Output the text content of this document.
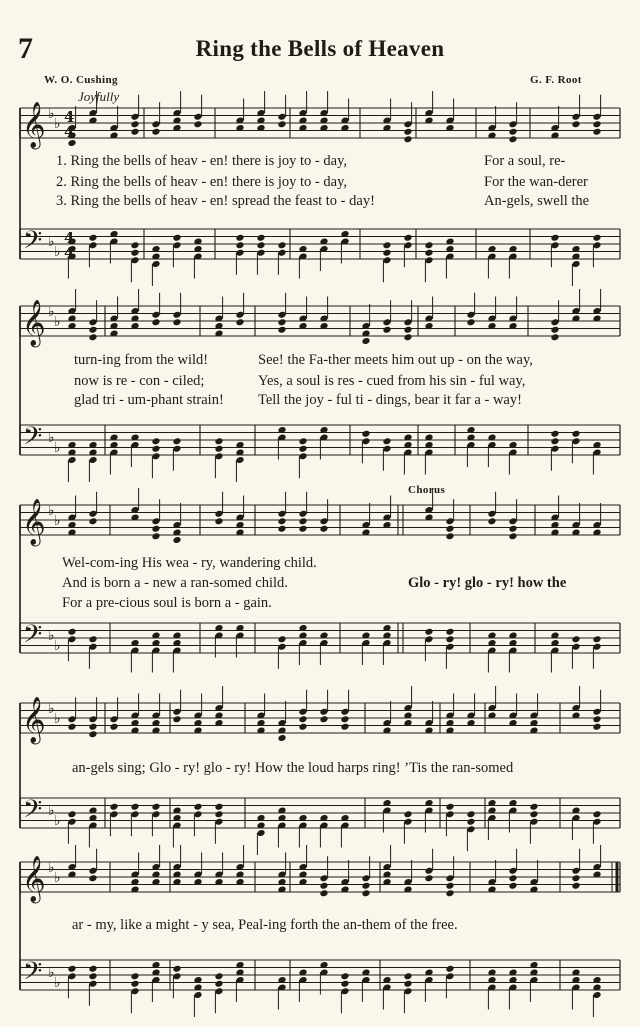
7	Ring the Bells of Heaven
W. O. Cushing	G. F. Root
Joyfully
Chorus
𝄞 ♭
♭
𝄢 ♭
♭
4
4
4
4
𝄞 ♭
♭
𝄢 ♭
♭
𝄞 ♭
♭
𝄢 ♭
♭
𝄞 ♭
♭
𝄢 ♭
♭
𝄞 ♭
♭
𝄢 ♭
♭
1. Ring the bells of heav - en! there is joy to - day,	For a soul, re-
2. Ring the bells of heav - en! there is joy to - day,	For the wan-derer
3. Ring the bells of heav - en! spread the feast to - day!	An-gels, swell the
turn-ing from the wild!	See! the Fa-ther meets him out up - on the way,
now is re - con - ciled;	Yes, a soul is res - cued from his sin - ful way,
glad tri - um-phant strain! Tell the joy - ful ti - dings, bear it far a - way!
Wel-com-ing His wea - ry, wandering child.
And is born a - new a ran-somed child.	Glo - ry! glo - ry! how the
For a pre-cious soul is born a - gain.
an-gels sing; Glo - ry! glo - ry! How the loud harps ring! ’Tis the ran-somed
ar - my, like a might - y sea, Peal-ing forth the an-them of the free.
